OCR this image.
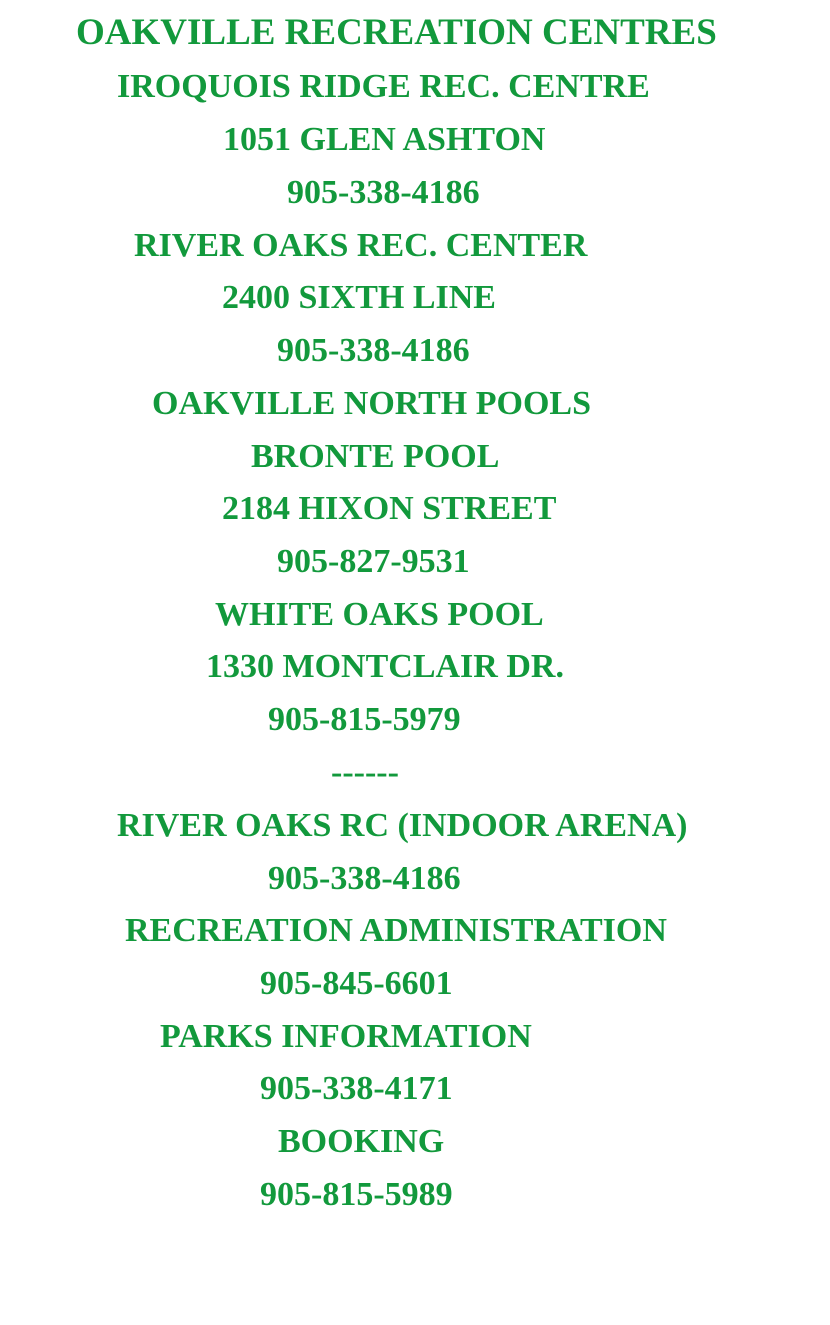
OAKVILLE RECREATION CENTRES
IROQUOIS RIDGE REC. CENTRE
1051 GLEN ASHTON
905-338-4186
RIVER OAKS REC. CENTER
2400 SIXTH LINE
905-338-4186
OAKVILLE NORTH POOLS
BRONTE POOL
2184 HIXON STREET
905-827-9531
WHITE OAKS POOL
1330 MONTCLAIR DR.
905-815-5979
------
RIVER OAKS RC (INDOOR ARENA)
905-338-4186
RECREATION ADMINISTRATION
905-845-6601
PARKS INFORMATION
905-338-4171
BOOKING
905-815-5989
